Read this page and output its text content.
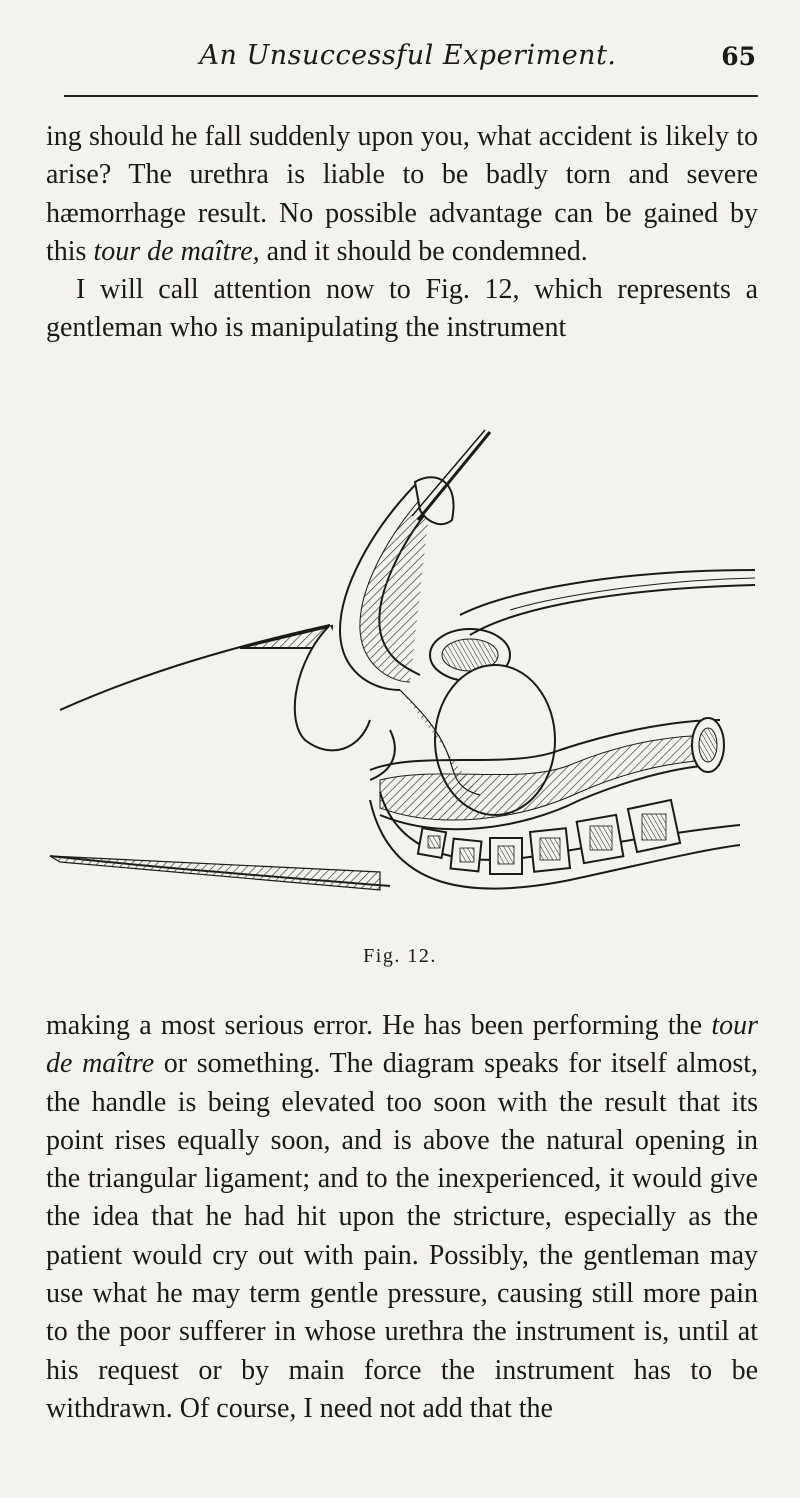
An Unsuccessful Experiment.	65

ing should he fall suddenly upon you, what accident is likely to arise? The urethra is liable to be badly torn and severe hæmorrhage result. No possible advantage can be gained by this tour de maître, and it should be condemned.

I will call attention now to Fig. 12, which represents a gentleman who is manipulating the instrument

Fig. 12.

making a most serious error. He has been performing the tour de maître or something. The diagram speaks for itself almost, the handle is being elevated too soon with the result that its point rises equally soon, and is above the natural opening in the triangular ligament; and to the inexperienced, it would give the idea that he had hit upon the stricture, especially as the patient would cry out with pain. Possibly, the gentleman may use what he may term gentle pressure, causing still more pain to the poor sufferer in whose urethra the instrument is, until at his request or by main force the instrument has to be withdrawn. Of course, I need not add that the
